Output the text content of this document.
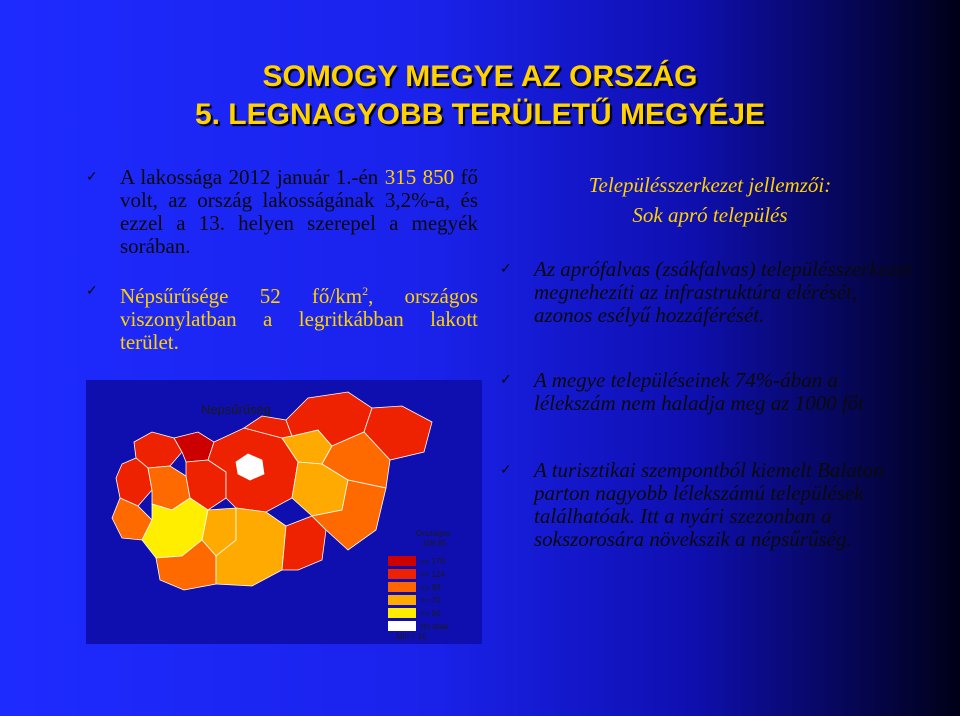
SOMOGY MEGYE AZ ORSZÁG
5. LEGNAGYOBB TERÜLETŰ MEGYÉJE
✓ A lakossága 2012 január 1.-én 315 850 fő volt, az ország lakosságának 3,2%-a, és ezzel a 13. helyen szerepel a megyék sorában.
✓ Népsűrűsége 52 $fő/km^2$, országos viszonylatban a legritkábban lakott terület.
Nepsűrűség
Országos
109.65
<= 170
<= 124
<= 93
<= 70
<= 56
No data
Min = 55
Településszerkezet jellemzői:
Sok apró település
✓ Az aprófalvas (zsákfalvas) településszerkezet megnehezíti az infrastruktúra elérését, azonos esélyű hozzáférését.
✓ A megye településeinek 74%-ában a lélekszám nem haladja meg az 1000 főt
✓ A turisztikai szempontból kiemelt Balaton parton nagyobb lélekszámú települések találhatóak. Itt a nyári szezonban a sokszorosára növekszik a népsűrűség.
